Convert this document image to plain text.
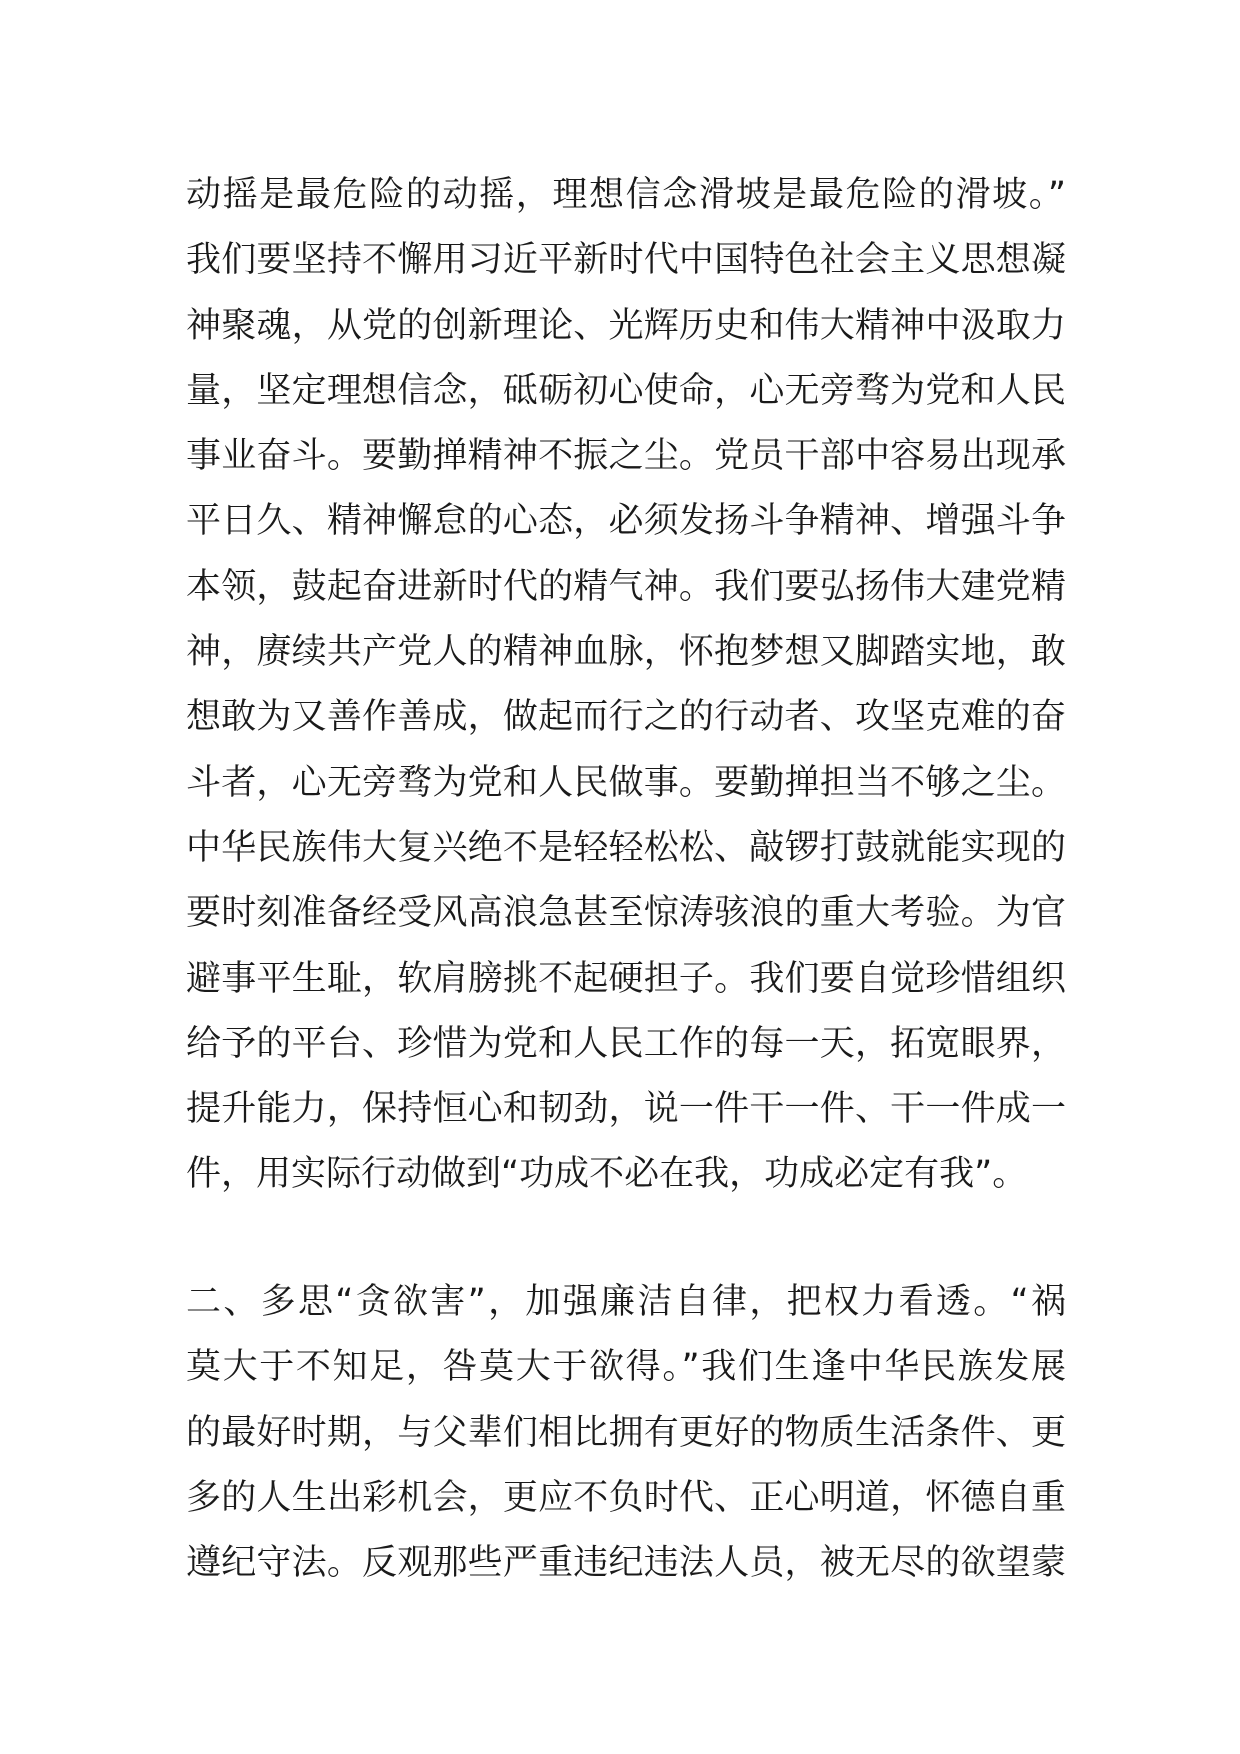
动摇是最危险的动摇，理想信念滑坡是最危险的滑坡。”
我们要坚持不懈用习近平新时代中国特色社会主义思想凝
神聚魂，从党的创新理论、光辉历史和伟大精神中汲取力
量，坚定理想信念，砥砺初心使命，心无旁骛为党和人民
事业奋斗。要勤掸精神不振之尘。党员干部中容易出现承
平日久、精神懈怠的心态，必须发扬斗争精神、增强斗争
本领，鼓起奋进新时代的精气神。我们要弘扬伟大建党精
神，赓续共产党人的精神血脉，怀抱梦想又脚踏实地，敢
想敢为又善作善成，做起而行之的行动者、攻坚克难的奋
斗者，心无旁骛为党和人民做事。要勤掸担当不够之尘。
中华民族伟大复兴绝不是轻轻松松、敲锣打鼓就能实现的
要时刻准备经受风高浪急甚至惊涛骇浪的重大考验。为官
避事平生耻，软肩膀挑不起硬担子。我们要自觉珍惜组织
给予的平台、珍惜为党和人民工作的每一天，拓宽眼界，
提升能力，保持恒心和韧劲，说一件干一件、干一件成一
件，用实际行动做到“功成不必在我，功成必定有我”。
二、多思“贪欲害”，加强廉洁自律，把权力看透。“祸
莫大于不知足，咎莫大于欲得。”我们生逢中华民族发展
的最好时期，与父辈们相比拥有更好的物质生活条件、更
多的人生出彩机会，更应不负时代、正心明道，怀德自重
遵纪守法。反观那些严重违纪违法人员，被无尽的欲望蒙
